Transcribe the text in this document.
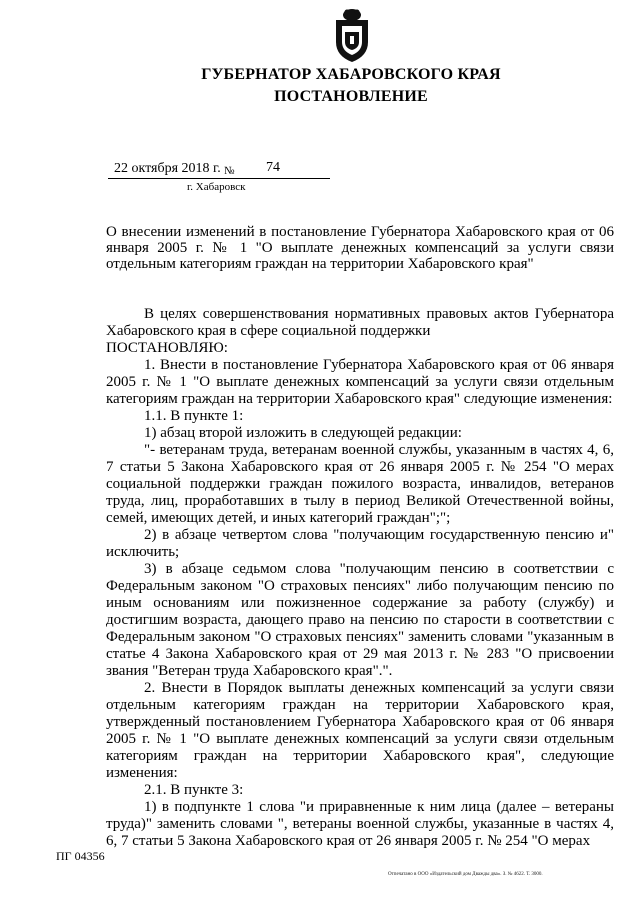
ГУБЕРНАТОР ХАБАРОВСКОГО КРАЯ
ПОСТАНОВЛЕНИЕ
22 октября 2018 г. № 74
г. Хабаровск
О внесении изменений в постановление Губернатора Хабаровского края от 06 января 2005 г. № 1 "О выплате денежных компенсаций за услуги связи отдельным категориям граждан на территории Хабаровского края"

В целях совершенствования нормативных правовых актов Губернатора Хабаровского края в сфере социальной поддержки

ПОСТАНОВЛЯЮ:

1. Внести в постановление Губернатора Хабаровского края от 06 января 2005 г. № 1 "О выплате денежных компенсаций за услуги связи отдельным категориям граждан на территории Хабаровского края" следующие изменения:

1.1. В пункте 1:

1) абзац второй изложить в следующей редакции:

"- ветеранам труда, ветеранам военной службы, указанным в частях 4, 6, 7 статьи 5 Закона Хабаровского края от 26 января 2005 г. № 254 "О мерах социальной поддержки граждан пожилого возраста, инвалидов, ветеранов труда, лиц, проработавших в тылу в период Великой Отечественной войны, семей, имеющих детей, и иных категорий граждан";";

2) в абзаце четвертом слова "получающим государственную пенсию и" исключить;

3) в абзаце седьмом слова "получающим пенсию в соответствии с Федеральным законом "О страховых пенсиях" либо получающим пенсию по иным основаниям или пожизненное содержание за работу (службу) и достигшим возраста, дающего право на пенсию по старости в соответствии с Федеральным законом "О страховых пенсиях" заменить словами "указанным в статье 4 Закона Хабаровского края от 29 мая 2013 г. № 283 "О присвоении звания "Ветеран труда Хабаровского края".".

2. Внести в Порядок выплаты денежных компенсаций за услуги связи отдельным категориям граждан на территории Хабаровского края, утвержденный постановлением Губернатора Хабаровского края от 06 января 2005 г. № 1 "О выплате денежных компенсаций за услуги связи отдельным категориям граждан на территории Хабаровского края", следующие изменения:

2.1. В пункте 3:

1) в подпункте 1 слова "и приравненные к ним лица (далее – ветераны труда)" заменить словами ", ветераны военной службы, указанные в частях 4, 6, 7 статьи 5 Закона Хабаровского края от 26 января 2005 г. № 254 "О мерах

ПГ 04356
Отпечатано в ООО «Издательский дом Дважды два». З. № 4622. Т. 3000.
